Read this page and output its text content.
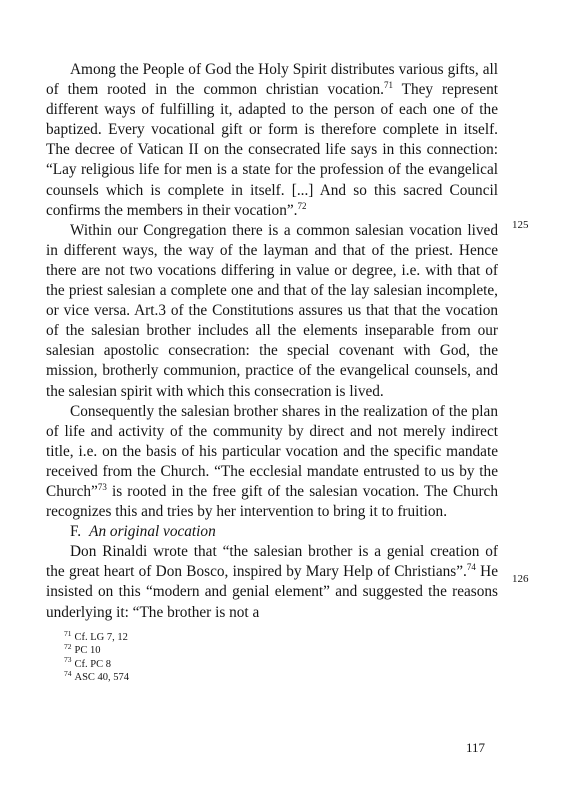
Among the People of God the Holy Spirit distributes various gifts, all of them rooted in the common christian vocation.$^{71}$ They represent different ways of fulfilling it, adapted to the person of each one of the baptized. Every vocational gift or form is therefore complete in itself. The decree of Vatican II on the consecrated life says in this connection: “Lay religious life for men is a state for the profession of the evangelical counsels which is complete in itself. [...] And so this sacred Council confirms the members in their vocation”.$^{72}$

Within our Congregation there is a common salesian vocation lived in different ways, the way of the layman and that of the priest. Hence there are not two vocations differing in value or degree, i.e. with that of the priest salesian a complete one and that of the lay salesian incomplete, or vice versa. Art.3 of the Constitutions assures us that that the vocation of the salesian brother includes all the elements inseparable from our salesian apostolic consecration: the special covenant with God, the mission, brotherly communion, practice of the evangelical counsels, and the salesian spirit with which this consecration is lived.

Consequently the salesian brother shares in the realization of the plan of life and activity of the community by direct and not merely indirect title, i.e. on the basis of his particular vocation and the specific mandate received from the Church. “The ecclesial mandate entrusted to us by the Church”$^{73}$ is rooted in the free gift of the salesian vocation. The Church recognizes this and tries by her intervention to bring it to fruition.

F. An original vocation

Don Rinaldi wrote that “the salesian brother is a genial creation of the great heart of Don Bosco, inspired by Mary Help of Christians”.$^{74}$ He insisted on this “modern and genial element” and suggested the reasons underlying it: “The brother is not a

125
126
$^{71}$ Cf. LG 7, 12
$^{72}$ PC 10
$^{73}$ Cf. PC 8
$^{74}$ ASC 40, 574
117
